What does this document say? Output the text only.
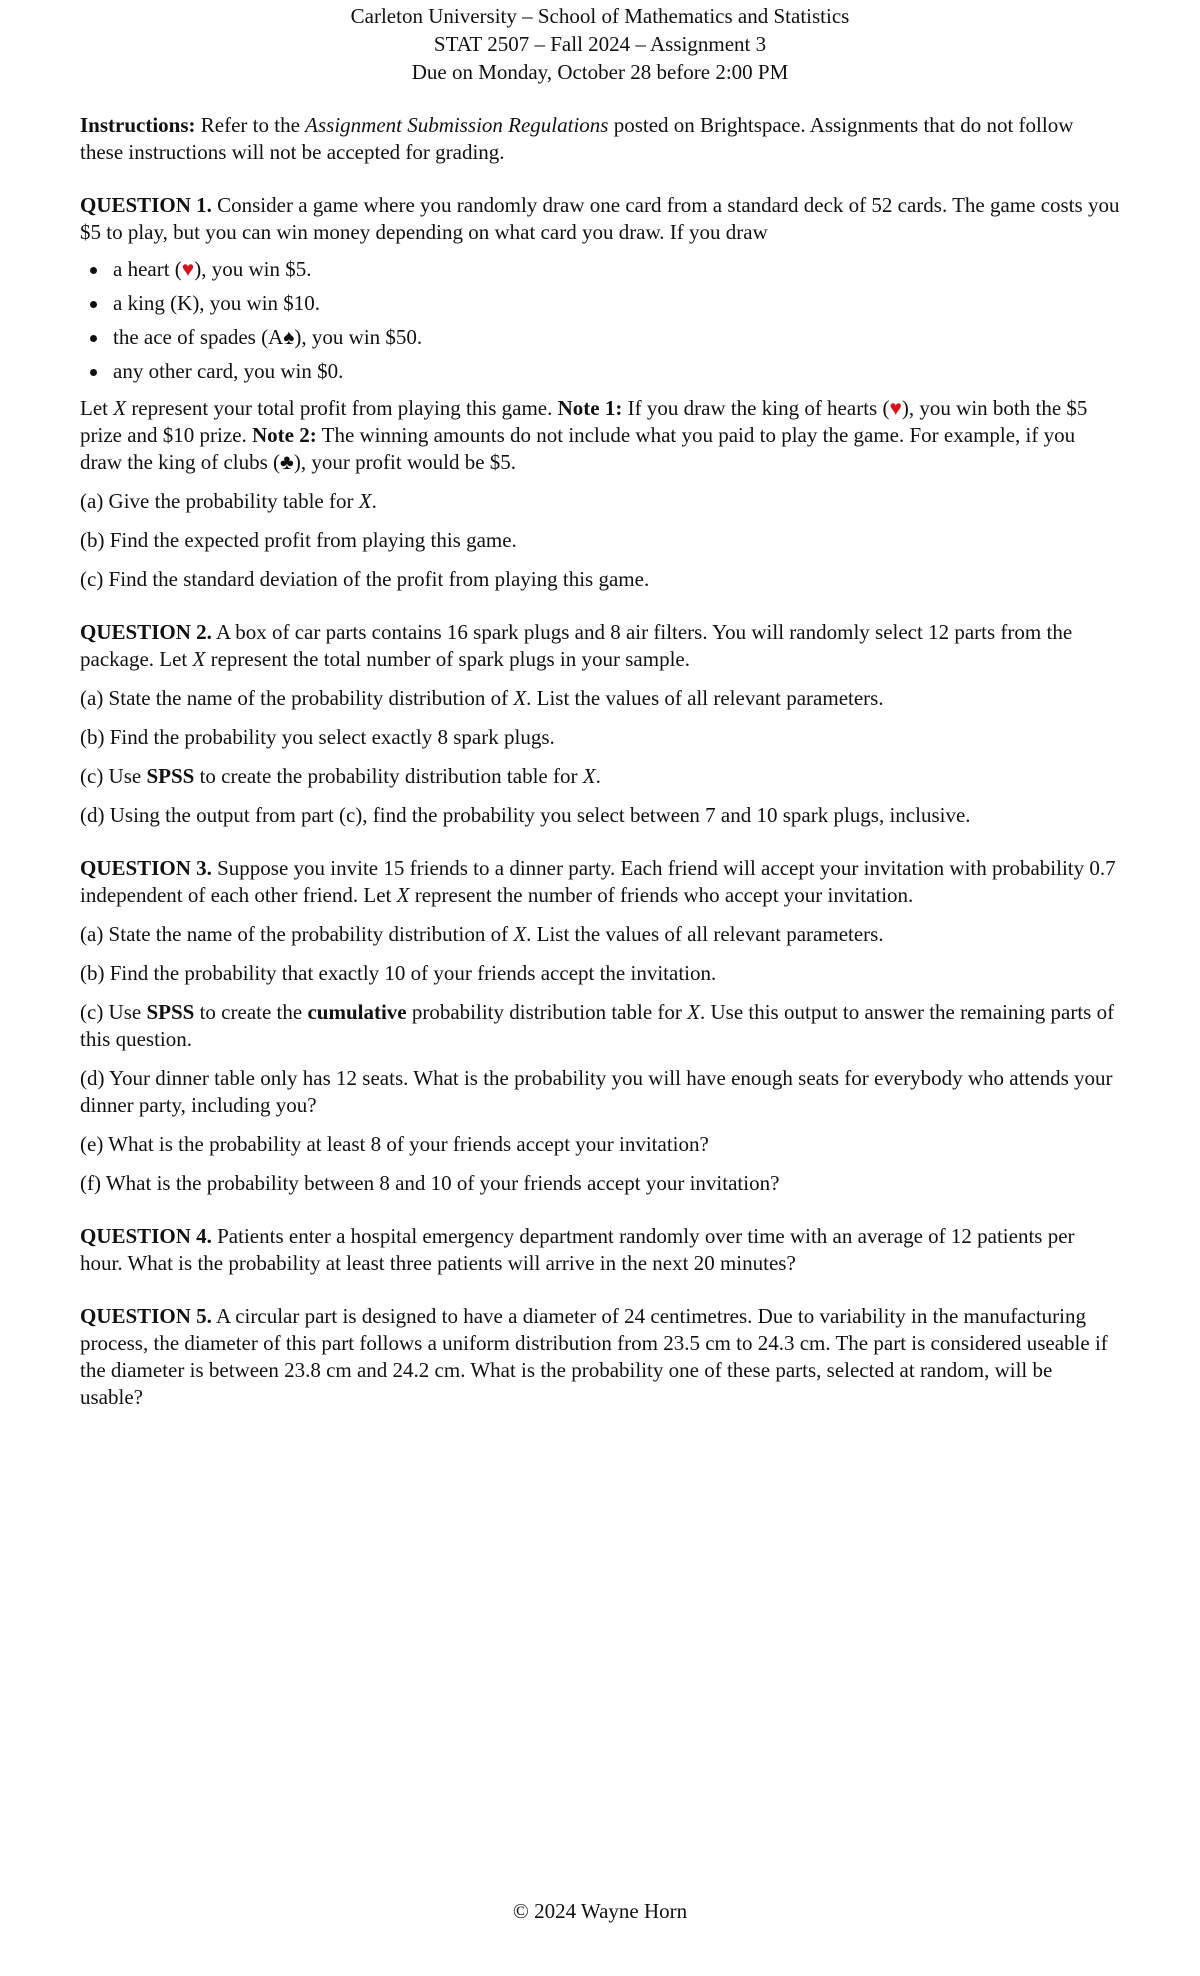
Carleton University – School of Mathematics and Statistics
STAT 2507 – Fall 2024 – Assignment 3
Due on Monday, October 28 before 2:00 PM

Instructions: Refer to the Assignment Submission Regulations posted on Brightspace. Assignments that do not follow these instructions will not be accepted for grading.

QUESTION 1. Consider a game where you randomly draw one card from a standard deck of 52 cards. The game costs you $5 to play, but you can win money depending on what card you draw. If you draw

a heart (♥), you win $5.
a king (K), you win $10.
the ace of spades (A♠), you win $50.
any other card, you win $0.

Let X represent your total profit from playing this game. Note 1: If you draw the king of hearts (♥), you win both the $5 prize and $10 prize. Note 2: The winning amounts do not include what you paid to play the game. For example, if you draw the king of clubs (♣), your profit would be $5.

(a) Give the probability table for X.

(b) Find the expected profit from playing this game.

(c) Find the standard deviation of the profit from playing this game.

QUESTION 2. A box of car parts contains 16 spark plugs and 8 air filters. You will randomly select 12 parts from the package. Let X represent the total number of spark plugs in your sample.

(a) State the name of the probability distribution of X. List the values of all relevant parameters.

(b) Find the probability you select exactly 8 spark plugs.

(c) Use SPSS to create the probability distribution table for X.

(d) Using the output from part (c), find the probability you select between 7 and 10 spark plugs, inclusive.

QUESTION 3. Suppose you invite 15 friends to a dinner party. Each friend will accept your invitation with probability 0.7 independent of each other friend. Let X represent the number of friends who accept your invitation.

(a) State the name of the probability distribution of X. List the values of all relevant parameters.

(b) Find the probability that exactly 10 of your friends accept the invitation.

(c) Use SPSS to create the cumulative probability distribution table for X. Use this output to answer the remaining parts of this question.

(d) Your dinner table only has 12 seats. What is the probability you will have enough seats for everybody who attends your dinner party, including you?

(e) What is the probability at least 8 of your friends accept your invitation?

(f) What is the probability between 8 and 10 of your friends accept your invitation?

QUESTION 4. Patients enter a hospital emergency department randomly over time with an average of 12 patients per hour. What is the probability at least three patients will arrive in the next 20 minutes?

QUESTION 5. A circular part is designed to have a diameter of 24 centimetres. Due to variability in the manufacturing process, the diameter of this part follows a uniform distribution from 23.5 cm to 24.3 cm. The part is considered useable if the diameter is between 23.8 cm and 24.2 cm. What is the probability one of these parts, selected at random, will be usable?

© 2024 Wayne Horn
